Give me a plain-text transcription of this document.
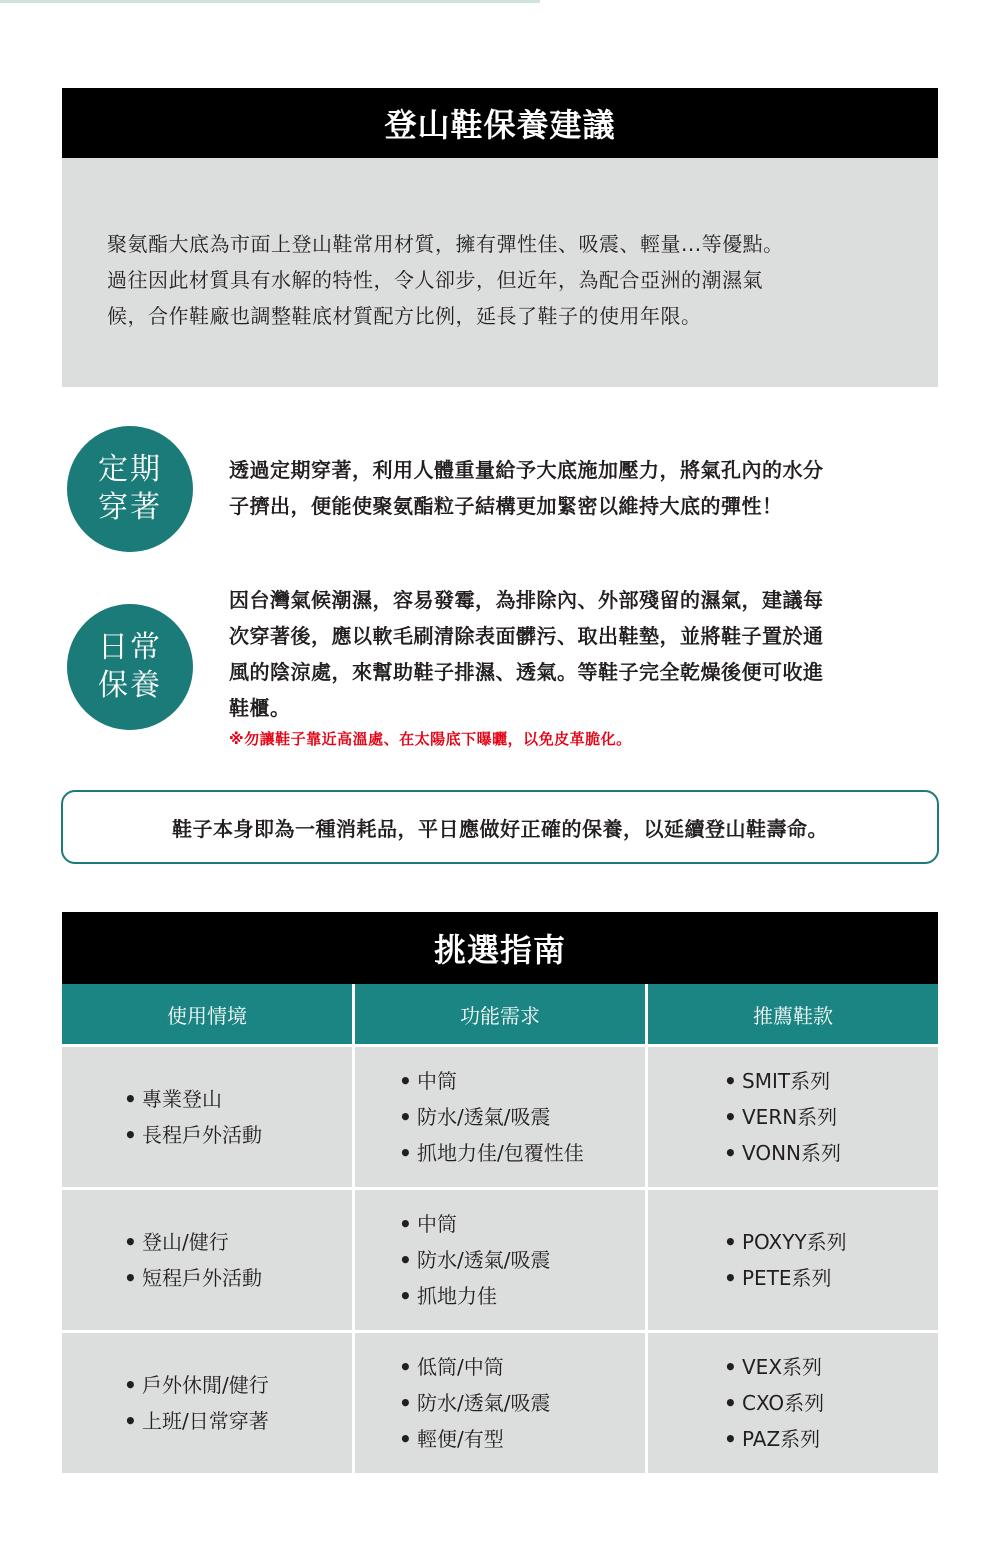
登山鞋保養建議
聚氨酯大底為市面上登山鞋常用材質，擁有彈性佳、吸震、輕量...等優點。
過往因此材質具有水解的特性，令人卻步，但近年，為配合亞洲的潮濕氣
候，合作鞋廠也調整鞋底材質配方比例，延長了鞋子的使用年限。
定期
穿著
透過定期穿著，利用人體重量給予大底施加壓力，將氣孔內的水分
子擠出，便能使聚氨酯粒子結構更加緊密以維持大底的彈性！
日常
保養
因台灣氣候潮濕，容易發霉，為排除內、外部殘留的濕氣，建議每
次穿著後，應以軟毛刷清除表面髒污、取出鞋墊，並將鞋子置於通
風的陰涼處，來幫助鞋子排濕、透氣。等鞋子完全乾燥後便可收進
鞋櫃。
※勿讓鞋子靠近高溫處、在太陽底下曝曬，以免皮革脆化。
鞋子本身即為一種消耗品，平日應做好正確的保養，以延續登山鞋壽命。
挑選指南
使用情境	功能需求	推薦鞋款
• 專業登山
• 長程戶外活動
• 中筒
• 防水/透氣/吸震
• 抓地力佳/包覆性佳
• SMIT系列
• VERN系列
• VONN系列
• 登山/健行
• 短程戶外活動
• 中筒
• 防水/透氣/吸震
• 抓地力佳
• POXYY系列
• PETE系列
• 戶外休閒/健行
• 上班/日常穿著
• 低筒/中筒
• 防水/透氣/吸震
• 輕便/有型
• VEX系列
• CXO系列
• PAZ系列
